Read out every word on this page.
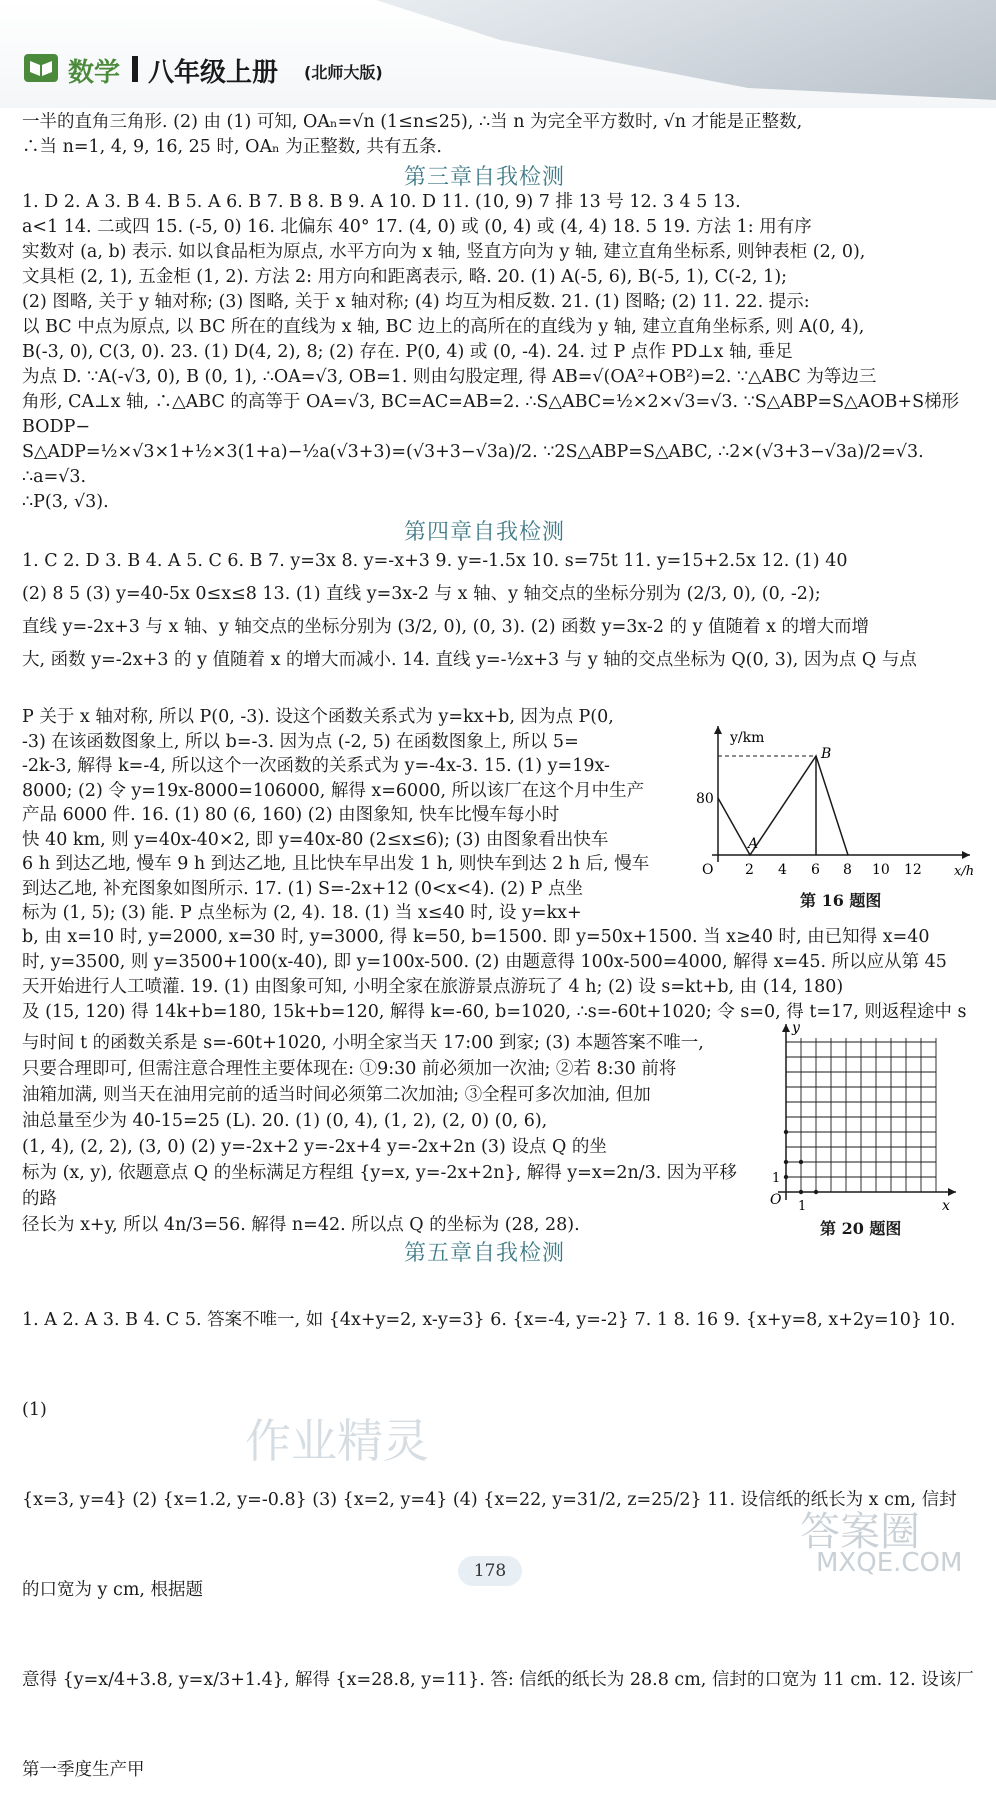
数学 八年级上册 (北师大版)
一半的直角三角形. (2) 由 (1) 可知, OAₙ=√n (1≤n≤25), ∴当 n 为完全平方数时, √n 才能是正整数,
∴当 n=1, 4, 9, 16, 25 时, OAₙ 为正整数, 共有五条.
第三章自我检测
1. D 2. A 3. B 4. B 5. A 6. B 7. B 8. B 9. A 10. D 11. (10, 9) 7 排 13 号 12. 3 4 5 13.
a<1 14. 二或四 15. (-5, 0) 16. 北偏东 40° 17. (4, 0) 或 (0, 4) 或 (4, 4) 18. 5 19. 方法 1: 用有序
实数对 (a, b) 表示. 如以食品柜为原点, 水平方向为 x 轴, 竖直方向为 y 轴, 建立直角坐标系, 则钟表柜 (2, 0),
文具柜 (2, 1), 五金柜 (1, 2). 方法 2: 用方向和距离表示, 略. 20. (1) A(-5, 6), B(-5, 1), C(-2, 1);
(2) 图略, 关于 y 轴对称; (3) 图略, 关于 x 轴对称; (4) 均互为相反数. 21. (1) 图略; (2) 11. 22. 提示:
以 BC 中点为原点, 以 BC 所在的直线为 x 轴, BC 边上的高所在的直线为 y 轴, 建立直角坐标系, 则 A(0, 4),
B(-3, 0), C(3, 0). 23. (1) D(4, 2), 8; (2) 存在. P(0, 4) 或 (0, -4). 24. 过 P 点作 PD⊥x 轴, 垂足
为点 D. ∵A(-√3, 0), B (0, 1), ∴OA=√3, OB=1. 则由勾股定理, 得 AB=√(OA²+OB²)=2. ∵△ABC 为等边三
角形, CA⊥x 轴, ∴△ABC 的高等于 OA=√3, BC=AC=AB=2. ∴S△ABC=½×2×√3=√3. ∵S△ABP=S△AOB+S梯形BODP−
S△ADP=½×√3×1+½×3(1+a)−½a(√3+3)=(√3+3−√3a)/2. ∵2S△ABP=S△ABC, ∴2×(√3+3−√3a)/2=√3. ∴a=√3.
∴P(3, √3).
第四章自我检测
1. C 2. D 3. B 4. A 5. C 6. B 7. y=3x 8. y=-x+3 9. y=-1.5x 10. s=75t 11. y=15+2.5x 12. (1) 40
(2) 8 5 (3) y=40-5x 0≤x≤8 13. (1) 直线 y=3x-2 与 x 轴、y 轴交点的坐标分别为 (2/3, 0), (0, -2);
直线 y=-2x+3 与 x 轴、y 轴交点的坐标分别为 (3/2, 0), (0, 3). (2) 函数 y=3x-2 的 y 值随着 x 的增大而增
大, 函数 y=-2x+3 的 y 值随着 x 的增大而减小. 14. 直线 y=-½x+3 与 y 轴的交点坐标为 Q(0, 3), 因为点 Q 与点
P 关于 x 轴对称, 所以 P(0, -3). 设这个函数关系式为 y=kx+b, 因为点 P(0,
-3) 在该函数图象上, 所以 b=-3. 因为点 (-2, 5) 在函数图象上, 所以 5=
-2k-3, 解得 k=-4, 所以这个一次函数的关系式为 y=-4x-3. 15. (1) y=19x-
8000; (2) 令 y=19x-8000=106000, 解得 x=6000, 所以该厂在这个月中生产
产品 6000 件. 16. (1) 80 (6, 160) (2) 由图象知, 快车比慢车每小时
快 40 km, 则 y=40x-40×2, 即 y=40x-80 (2≤x≤6); (3) 由图象看出快车
6 h 到达乙地, 慢车 9 h 到达乙地, 且比快车早出发 1 h, 则快车到达 2 h 后, 慢车
到达乙地, 补充图象如图所示. 17. (1) S=-2x+12 (0<x<4). (2) P 点坐
标为 (1, 5); (3) 能. P 点坐标为 (2, 4). 18. (1) 当 x≤40 时, 设 y=kx+
b, 由 x=10 时, y=2000, x=30 时, y=3000, 得 k=50, b=1500. 即 y=50x+1500. 当 x≥40 时, 由已知得 x=40
时, y=3500, 则 y=3500+100(x-40), 即 y=100x-500. (2) 由题意得 100x-500=4000, 解得 x=45. 所以应从第 45
天开始进行人工喷灌. 19. (1) 由图象可知, 小明全家在旅游景点游玩了 4 h; (2) 设 s=kt+b, 由 (14, 180)
及 (15, 120) 得 14k+b=180, 15k+b=120, 解得 k=-60, b=1020, ∴s=-60t+1020; 令 s=0, 得 t=17, 则返程途中 s
与时间 t 的函数关系是 s=-60t+1020, 小明全家当天 17:00 到家; (3) 本题答案不唯一,
只要合理即可, 但需注意合理性主要体现在: ①9:30 前必须加一次油; ②若 8:30 前将
油箱加满, 则当天在油用完前的适当时间必须第二次加油; ③全程可多次加油, 但加
油总量至少为 40-15=25 (L). 20. (1) (0, 4), (1, 2), (2, 0) (0, 6),
(1, 4), (2, 2), (3, 0) (2) y=-2x+2 y=-2x+4 y=-2x+2n (3) 设点 Q 的坐
标为 (x, y), 依题意点 Q 的坐标满足方程组 {y=x, y=-2x+2n}, 解得 y=x=2n/3. 因为平移的路
径长为 x+y, 所以 4n/3=56. 解得 n=42. 所以点 Q 的坐标为 (28, 28).
y/km
x/h
80
O 2 4 6 8 10 12
A
B
第 16 题图
y
x
O
1
1
第 20 题图
第五章自我检测
1. A 2. A 3. B 4. C 5. 答案不唯一, 如 {4x+y=2, x-y=3} 6. {x=-4, y=-2} 7. 1 8. 16 9. {x+y=8, x+2y=10} 10. (1)
{x=3, y=4} (2) {x=1.2, y=-0.8} (3) {x=2, y=4} (4) {x=22, y=31/2, z=25/2} 11. 设信纸的纸长为 x cm, 信封的口宽为 y cm, 根据题
意得 {y=x/4+3.8, y=x/3+1.4}, 解得 {x=28.8, y=11}. 答: 信纸的纸长为 28.8 cm, 信封的口宽为 11 cm. 12. 设该厂第一季度生产甲
作业精灵
答案圈
MXQE.COM
178
